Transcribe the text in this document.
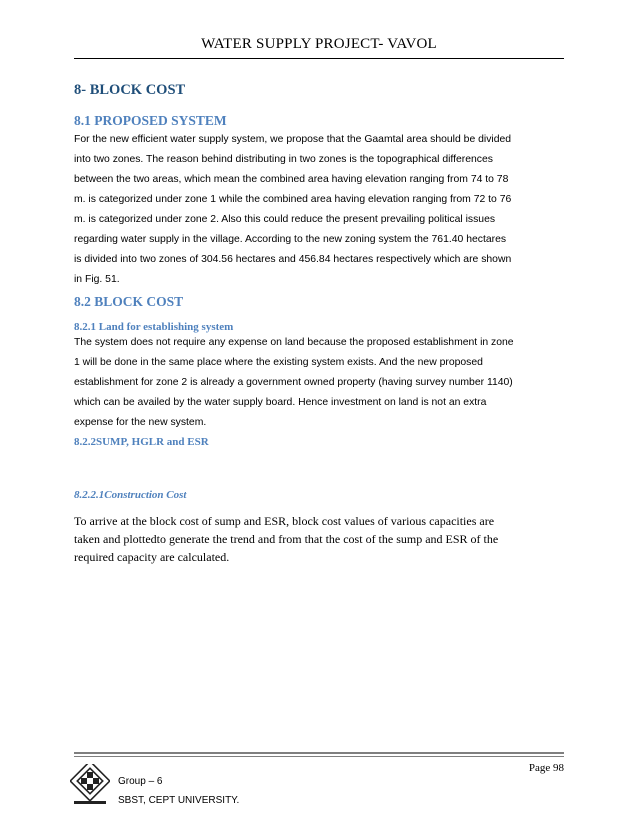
WATER SUPPLY PROJECT- VAVOL
8- BLOCK COST
8.1 PROPOSED SYSTEM
For the new efficient water supply system, we propose that the Gaamtal area should be divided
into two zones. The reason behind distributing in two zones is the topographical differences
between the two areas, which mean the combined area having elevation ranging from 74 to 78
m. is categorized under zone 1 while the combined area having elevation ranging from 72 to 76
m. is categorized under zone 2. Also this could reduce the present prevailing political issues
regarding water supply in the village. According to the new zoning system the 761.40 hectares
is divided into two zones of 304.56 hectares and 456.84 hectares respectively which are shown
in Fig. 51.
8.2 BLOCK COST
8.2.1 Land for establishing system
The system does not require any expense on land because the proposed establishment in zone
1 will be done in the same place where the existing system exists. And the new proposed
establishment for zone 2 is already a government owned property (having survey number 1140)
which can be availed by the water supply board. Hence investment on land is not an extra
expense for the new system.
8.2.2SUMP, HGLR and ESR
8.2.2.1Construction Cost
To arrive at the block cost of sump and ESR, block cost values of various capacities are
taken and plottedto generate the trend and from that the cost of the sump and ESR of the
required capacity are calculated.
Page 98
Group – 6
SBST, CEPT UNIVERSITY.
